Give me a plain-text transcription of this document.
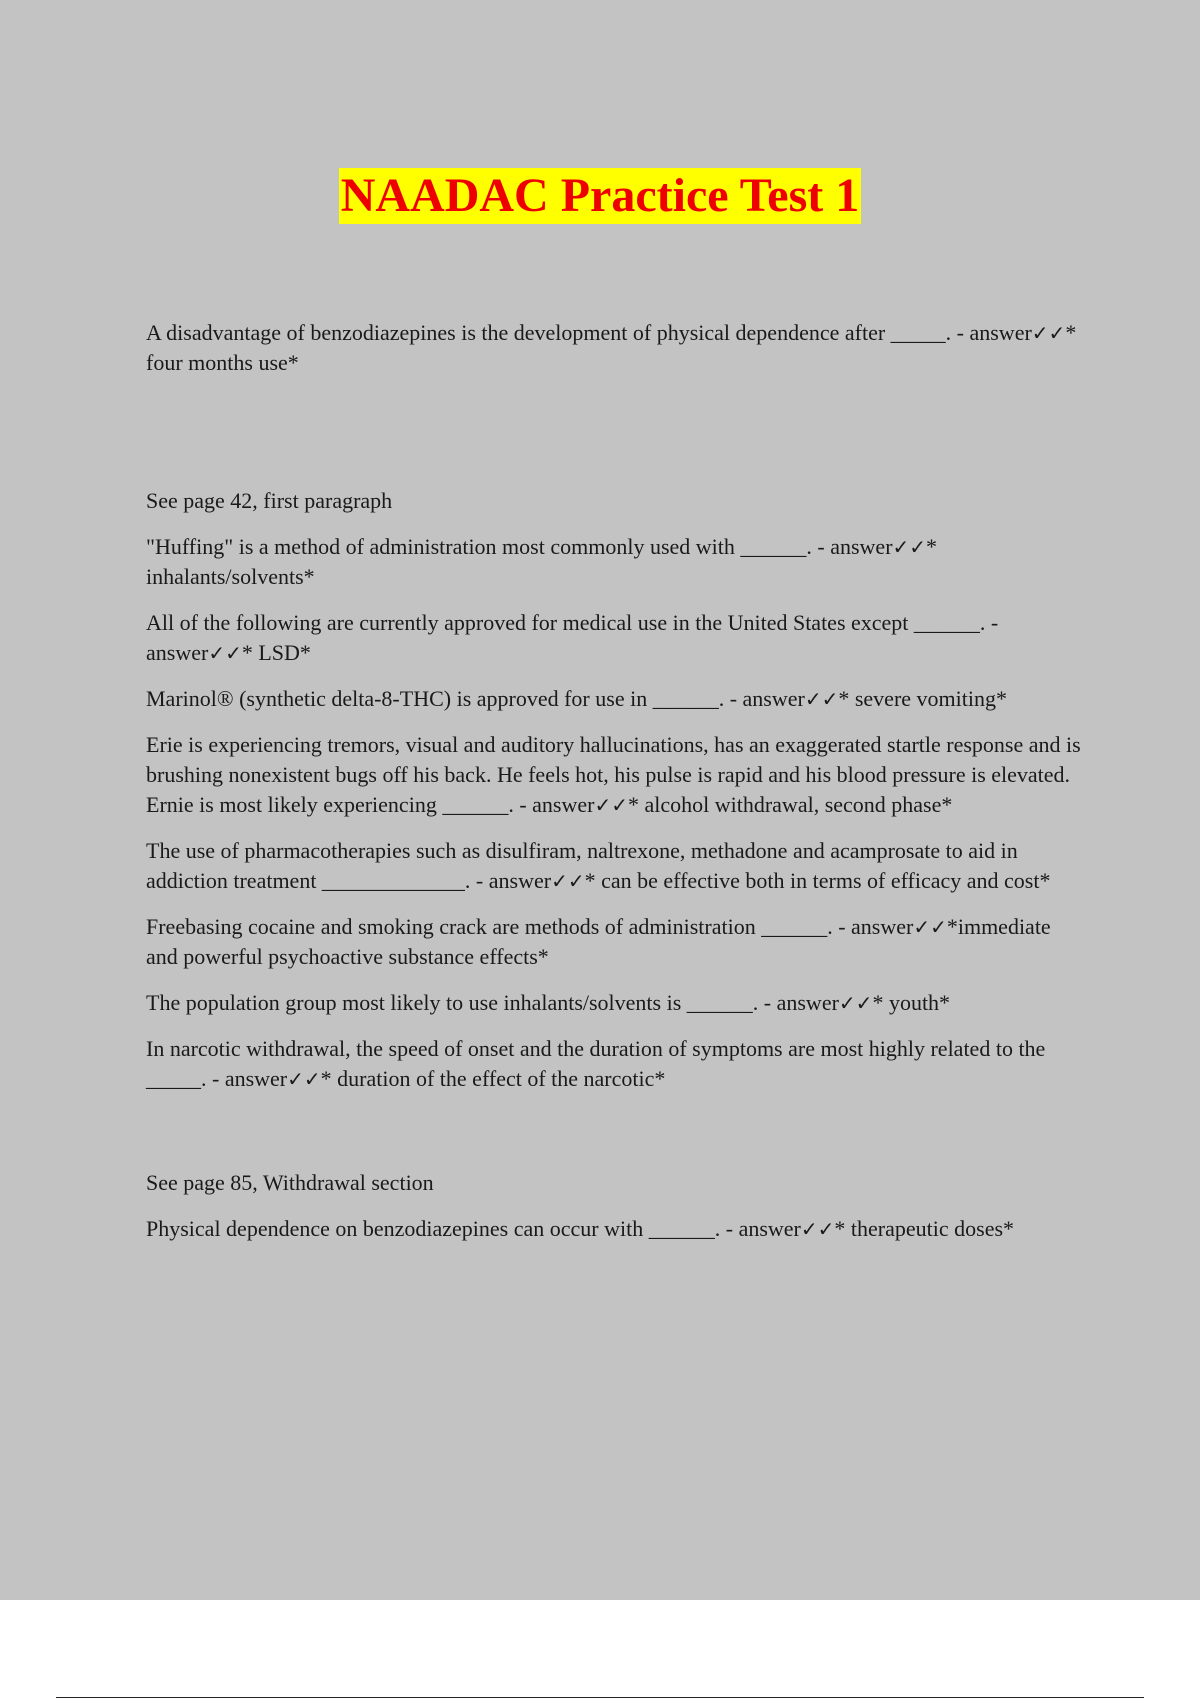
NAADAC Practice Test 1

A disadvantage of benzodiazepines is the development of physical dependence after _____. - answer✓✓* four months use*

See page 42, first paragraph

"Huffing" is a method of administration most commonly used with ______. - answer✓✓* inhalants/solvents*

All of the following are currently approved for medical use in the United States except ______. - answer✓✓* LSD*

Marinol® (synthetic delta-8-THC) is approved for use in ______. - answer✓✓* severe vomiting*

Erie is experiencing tremors, visual and auditory hallucinations, has an exaggerated startle response and is brushing nonexistent bugs off his back. He feels hot, his pulse is rapid and his blood pressure is elevated. Ernie is most likely experiencing ______. - answer✓✓* alcohol withdrawal, second phase*

The use of pharmacotherapies such as disulfiram, naltrexone, methadone and acamprosate to aid in addiction treatment _____________. - answer✓✓* can be effective both in terms of efficacy and cost*

Freebasing cocaine and smoking crack are methods of administration ______. - answer✓✓*immediate and powerful psychoactive substance effects*

The population group most likely to use inhalants/solvents is ______. - answer✓✓* youth*

In narcotic withdrawal, the speed of onset and the duration of symptoms are most highly related to the _____. - answer✓✓* duration of the effect of the narcotic*

See page 85, Withdrawal section

Physical dependence on benzodiazepines can occur with ______. - answer✓✓* therapeutic doses*
